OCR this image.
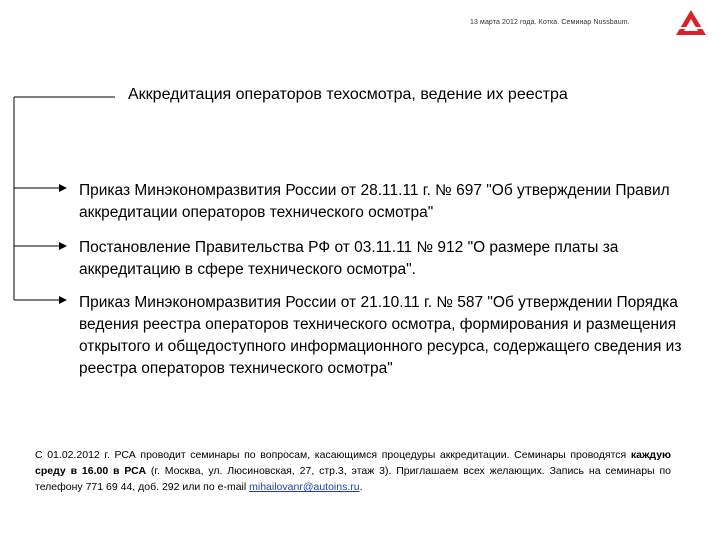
13 марта 2012 года. Котка. Семинар Nussbaum.
Аккредитация операторов техосмотра, ведение их реестра
Приказ Минэкономразвития России от 28.11.11 г. № 697 "Об утверждении Правил аккредитации операторов технического осмотра"
Постановление Правительства РФ от 03.11.11 № 912 "О размере платы за аккредитацию в сфере технического осмотра".
Приказ Минэкономразвития России от 21.10.11 г. № 587 "Об утверждении Порядка ведения реестра операторов технического осмотра, формирования и размещения открытого и общедоступного информационного ресурса, содержащего сведения из реестра операторов технического осмотра"
С 01.02.2012 г. РСА проводит семинары по вопросам, касающимся процедуры аккредитации. Семинары проводятся каждую среду в 16.00 в РСА (г. Москва, ул. Люсиновская, 27, стр.3, этаж 3). Приглашаем всех желающих. Запись на семинары по телефону 771 69 44, доб. 292 или по e-mail mihailovanr@autoins.ru.
